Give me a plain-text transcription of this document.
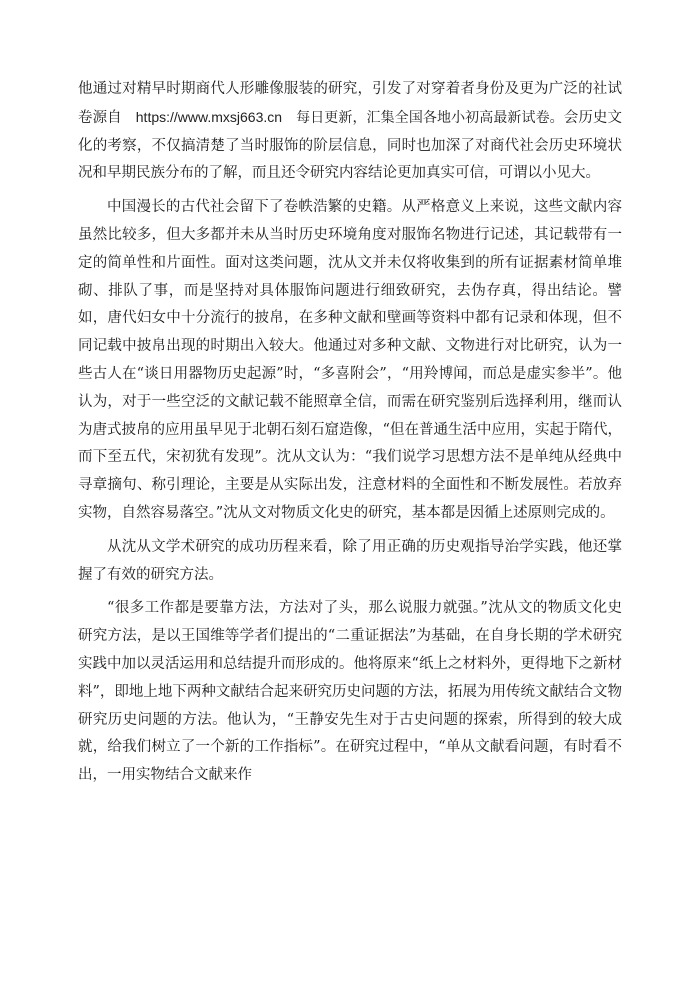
他通过对精早时期商代人形雕像服装的研究，引发了对穿着者身份及更为广泛的社试卷源自 https://www.mxsj663.cn 每日更新，汇集全国各地小初高最新试卷。会历史文化的考察，不仅搞清楚了当时服饰的阶层信息，同时也加深了对商代社会历史环境状况和早期民族分布的了解，而且还令研究内容结论更加真实可信，可谓以小见大。

中国漫长的古代社会留下了卷帙浩繁的史籍。从严格意义上来说，这些文献内容虽然比较多，但大多都并未从当时历史环境角度对服饰名物进行记述，其记载带有一定的简单性和片面性。面对这类问题，沈从文并未仅将收集到的所有证据素材简单堆砌、排队了事，而是坚持对具体服饰问题进行细致研究，去伪存真，得出结论。譬如，唐代妇女中十分流行的披帛，在多种文献和壁画等资料中都有记录和体现，但不同记载中披帛出现的时期出入较大。他通过对多种文献、文物进行对比研究，认为一些古人在“谈日用器物历史起源”时，“多喜附会”，“用羚博闻，而总是虚实参半”。他认为，对于一些空泛的文献记载不能照章全信，而需在研究鉴别后选择利用，继而认为唐式披帛的应用虽早见于北朝石刻石窟造像，“但在普通生活中应用，实起于隋代，而下至五代，宋初犹有发现”。沈从文认为：“我们说学习思想方法不是单纯从经典中寻章摘句、称引理论，主要是从实际出发，注意材料的全面性和不断发展性。若放弃实物，自然容易落空。”沈从文对物质文化史的研究，基本都是因循上述原则完成的。

从沈从文学术研究的成功历程来看，除了用正确的历史观指导治学实践，他还掌握了有效的研究方法。

“很多工作都是要靠方法，方法对了头，那么说服力就强。”沈从文的物质文化史研究方法，是以王国维等学者们提出的“二重证据法”为基础，在自身长期的学术研究实践中加以灵活运用和总结提升而形成的。他将原来“纸上之材料外，更得地下之新材料”，即地上地下两种文献结合起来研究历史问题的方法，拓展为用传统文献结合文物研究历史问题的方法。他认为，“王静安先生对于古史问题的探索，所得到的较大成就，给我们树立了一个新的工作指标”。在研究过程中，“单从文献看问题，有时看不出，一用实物结合文献来作
